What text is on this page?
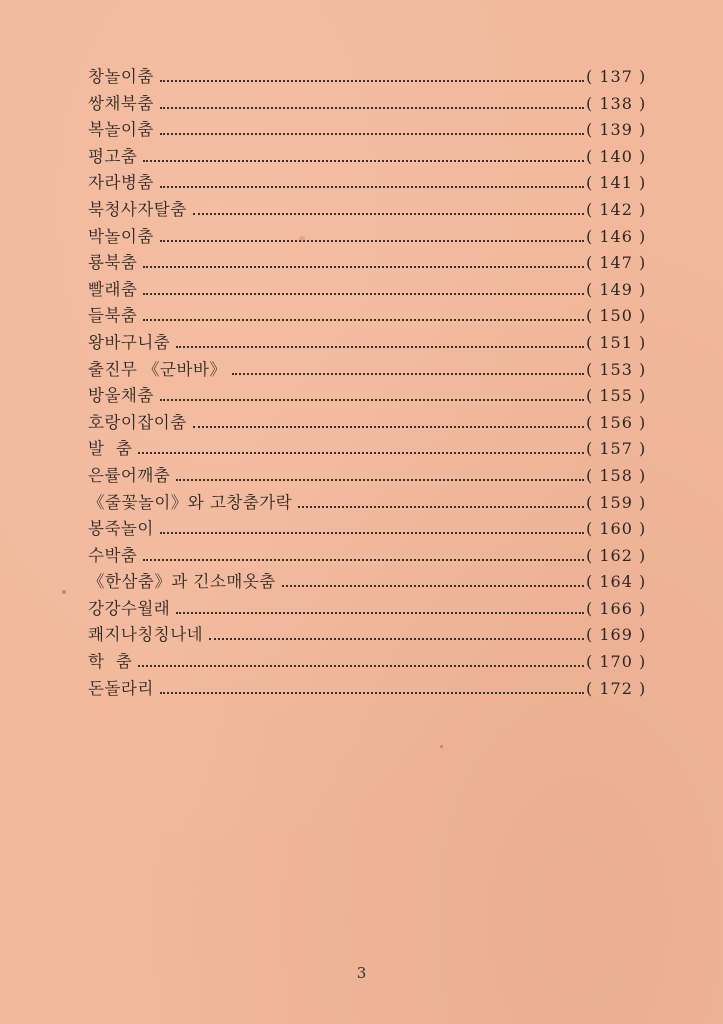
창놀이춤	( 137 )
쌍채북춤	( 138 )
복놀이춤	( 139 )
평고춤	( 140 )
자라병춤	( 141 )
북청사자탈춤	( 142 )
박놀이춤	( 146 )
룡북춤	( 147 )
빨래춤	( 149 )
들북춤	( 150 )
왕바구니춤	( 151 )
출진무 《군바바》	( 153 )
방울채춤	( 155 )
호랑이잡이춤	( 156 )
발  춤	( 157 )
은률어깨춤	( 158 )
《줄꽃놀이》와 고창춤가락	( 159 )
봉죽놀이	( 160 )
수박춤	( 162 )
《한삼춤》과 긴소매옷춤	( 164 )
강강수월래	( 166 )
쾌지나칭칭나네	( 169 )
학  춤	( 170 )
돈돌라리	( 172 )
3
